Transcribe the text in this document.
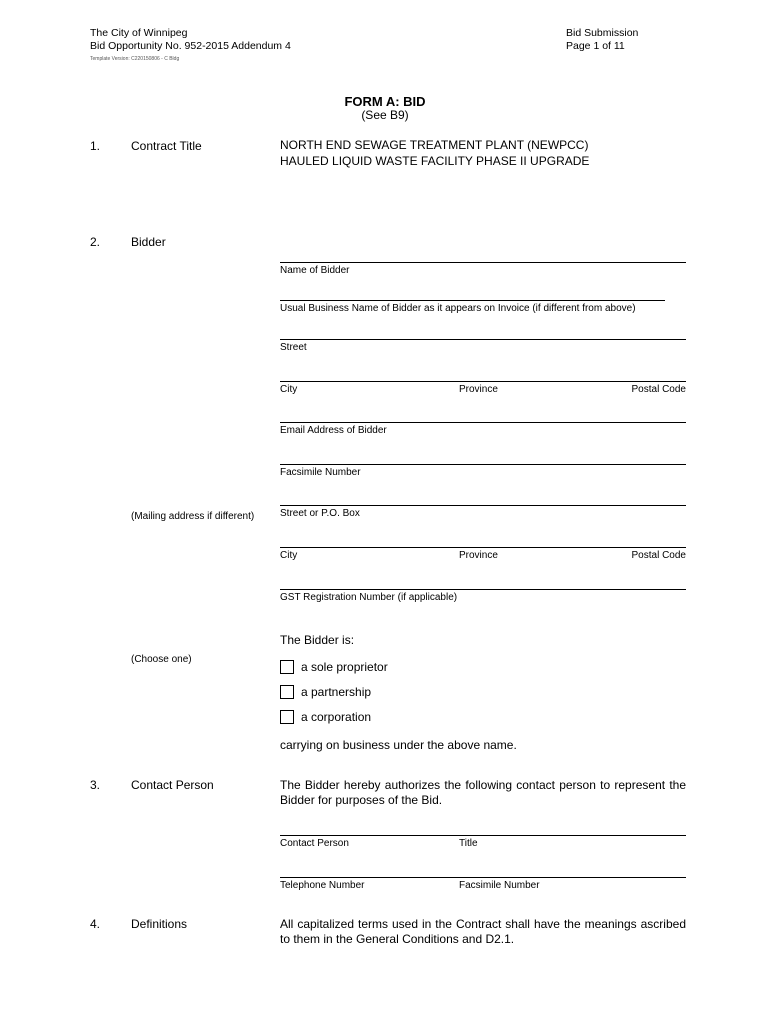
The City of Winnipeg
Bid Opportunity No. 952-2015 Addendum 4
Template Version: C220150806 - C Bldg
Bid Submission
Page 1 of 11
FORM A: BID
(See B9)
1.	Contract Title	NORTH END SEWAGE TREATMENT PLANT (NEWPCC)
HAULED LIQUID WASTE FACILITY PHASE II UPGRADE
2.	Bidder
Name of Bidder
Usual Business Name of Bidder as it appears on Invoice (if different from above)
Street
City	Province	Postal Code
Email Address of Bidder
Facsimile Number
(Mailing address if different)	Street or P.O. Box
City	Province	Postal Code
GST Registration Number (if applicable)
The Bidder is:
(Choose one)
a sole proprietor
a partnership
a corporation
carrying on business under the above name.
3.	Contact Person	The Bidder hereby authorizes the following contact person to represent the Bidder for purposes of the Bid.
Contact Person	Title
Telephone Number	Facsimile Number
4.	Definitions	All capitalized terms used in the Contract shall have the meanings ascribed to them in the General Conditions and D2.1.
